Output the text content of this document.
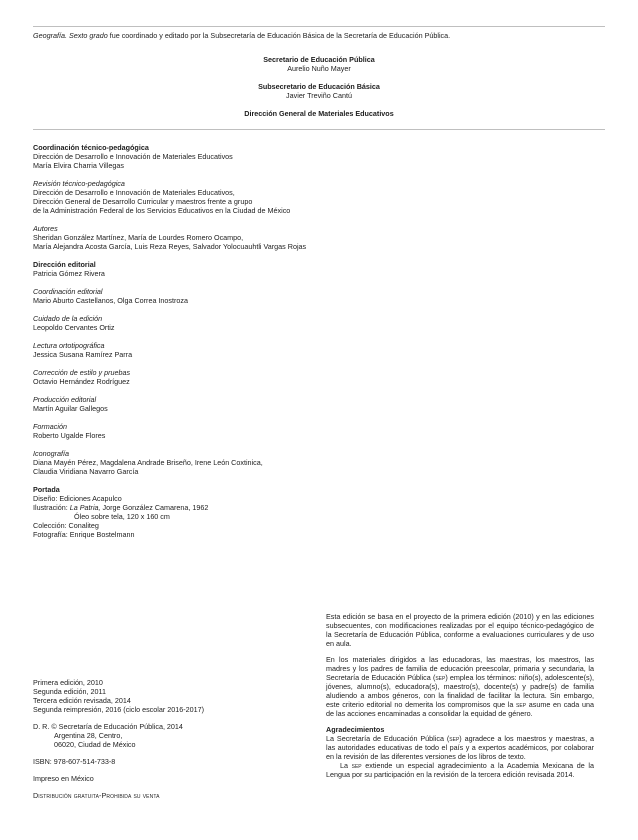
Geografía. Sexto grado fue coordinado y editado por la Subsecretaría de Educación Básica de la Secretaría de Educación Pública.
Secretario de Educación Pública
Aurelio Nuño Mayer
Subsecretario de Educación Básica
Javier Treviño Cantú
Dirección General de Materiales Educativos
Coordinación técnico-pedagógica
Dirección de Desarrollo e Innovación de Materiales Educativos
María Elvira Charria Villegas
Revisión técnico-pedagógica
Dirección de Desarrollo e Innovación de Materiales Educativos,
Dirección General de Desarrollo Curricular y maestros frente a grupo
de la Administración Federal de los Servicios Educativos en la Ciudad de México
Autores
Sheridan González Martínez, María de Lourdes Romero Ocampo,
María Alejandra Acosta García, Luis Reza Reyes, Salvador Yolocuauhtli Vargas Rojas
Dirección editorial
Patricia Gómez Rivera
Coordinación editorial
Mario Aburto Castellanos, Olga Correa Inostroza
Cuidado de la edición
Leopoldo Cervantes Ortiz
Lectura ortotipográfica
Jessica Susana Ramírez Parra
Corrección de estilo y pruebas
Octavio Hernández Rodríguez
Producción editorial
Martín Aguilar Gallegos
Formación
Roberto Ugalde Flores
Iconografía
Diana Mayén Pérez, Magdalena Andrade Briseño, Irene León Coxtinica,
Claudia Viridiana Navarro García
Portada
Diseño: Ediciones Acapulco
Ilustración: La Patria, Jorge González Camarena, 1962
Óleo sobre tela, 120 x 160 cm
Colección: Conaliteg
Fotografía: Enrique Bostelmann
Primera edición, 2010
Segunda edición, 2011
Tercera edición revisada, 2014
Segunda reimpresión, 2016 (ciclo escolar 2016-2017)
D. R. © Secretaría de Educación Pública, 2014
Argentina 28, Centro,
06020, Ciudad de México
ISBN: 978-607-514-733-8
Impreso en México
Distribución gratuita-Prohibida su venta

Esta edición se basa en el proyecto de la primera edición (2010) y en las ediciones subsecuentes, con modificaciones realizadas por el equipo técnico-pedagógico de la Secretaría de Educación Pública, conforme a evaluaciones curriculares y de uso en aula.

En los materiales dirigidos a las educadoras, las maestras, los maestros, las madres y los padres de familia de educación preescolar, primaria y secundaria, la Secretaría de Educación Pública (sep) emplea los términos: niño(s), adolescente(s), jóvenes, alumno(s), educadora(s), maestro(s), docente(s) y padre(s) de familia aludiendo a ambos géneros, con la finalidad de facilitar la lectura. Sin embargo, este criterio editorial no demerita los compromisos que la sep asume en cada una de las acciones encaminadas a consolidar la equidad de género.

Agradecimientos
La Secretaría de Educación Pública (sep) agradece a los maestros y maestras, a las autoridades educativas de todo el país y a expertos académicos, por colaborar en la revisión de las diferentes versiones de los libros de texto.
La sep extiende un especial agradecimiento a la Academia Mexicana de la Lengua por su participación en la revisión de la tercera edición revisada 2014.
